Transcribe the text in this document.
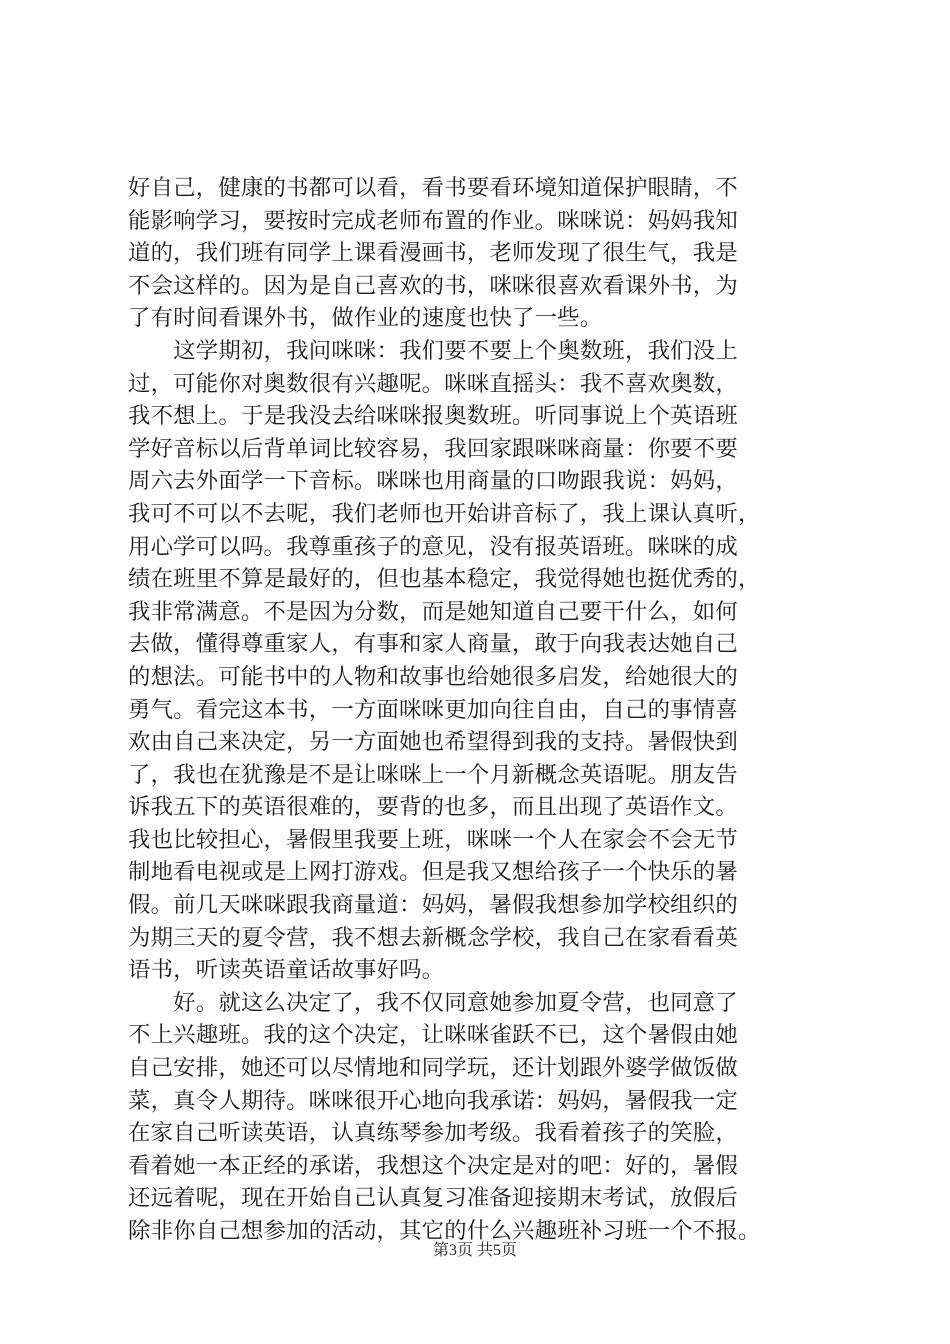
好自己，健康的书都可以看，看书要看环境知道保护眼睛，不
能影响学习，要按时完成老师布置的作业。咪咪说：妈妈我知
道的，我们班有同学上课看漫画书，老师发现了很生气，我是
不会这样的。因为是自己喜欢的书，咪咪很喜欢看课外书，为
了有时间看课外书，做作业的速度也快了一些。
　　这学期初，我问咪咪：我们要不要上个奥数班，我们没上
过，可能你对奥数很有兴趣呢。咪咪直摇头：我不喜欢奥数，
我不想上。于是我没去给咪咪报奥数班。听同事说上个英语班
学好音标以后背单词比较容易，我回家跟咪咪商量：你要不要
周六去外面学一下音标。咪咪也用商量的口吻跟我说：妈妈，
我可不可以不去呢，我们老师也开始讲音标了，我上课认真听，
用心学可以吗。我尊重孩子的意见，没有报英语班。咪咪的成
绩在班里不算是最好的，但也基本稳定，我觉得她也挺优秀的，
我非常满意。不是因为分数，而是她知道自己要干什么，如何
去做，懂得尊重家人，有事和家人商量，敢于向我表达她自己
的想法。可能书中的人物和故事也给她很多启发，给她很大的
勇气。看完这本书，一方面咪咪更加向往自由，自己的事情喜
欢由自己来决定，另一方面她也希望得到我的支持。暑假快到
了，我也在犹豫是不是让咪咪上一个月新概念英语呢。朋友告
诉我五下的英语很难的，要背的也多，而且出现了英语作文。
我也比较担心，暑假里我要上班，咪咪一个人在家会不会无节
制地看电视或是上网打游戏。但是我又想给孩子一个快乐的暑
假。前几天咪咪跟我商量道：妈妈，暑假我想参加学校组织的
为期三天的夏令营，我不想去新概念学校，我自己在家看看英
语书，听读英语童话故事好吗。
　　好。就这么决定了，我不仅同意她参加夏令营，也同意了
不上兴趣班。我的这个决定，让咪咪雀跃不已，这个暑假由她
自己安排，她还可以尽情地和同学玩，还计划跟外婆学做饭做
菜，真令人期待。咪咪很开心地向我承诺：妈妈，暑假我一定
在家自己听读英语，认真练琴参加考级。我看着孩子的笑脸，
看着她一本正经的承诺，我想这个决定是对的吧：好的，暑假
还远着呢，现在开始自己认真复习准备迎接期末考试，放假后
除非你自己想参加的活动，其它的什么兴趣班补习班一个不报。
第3页 共5页
